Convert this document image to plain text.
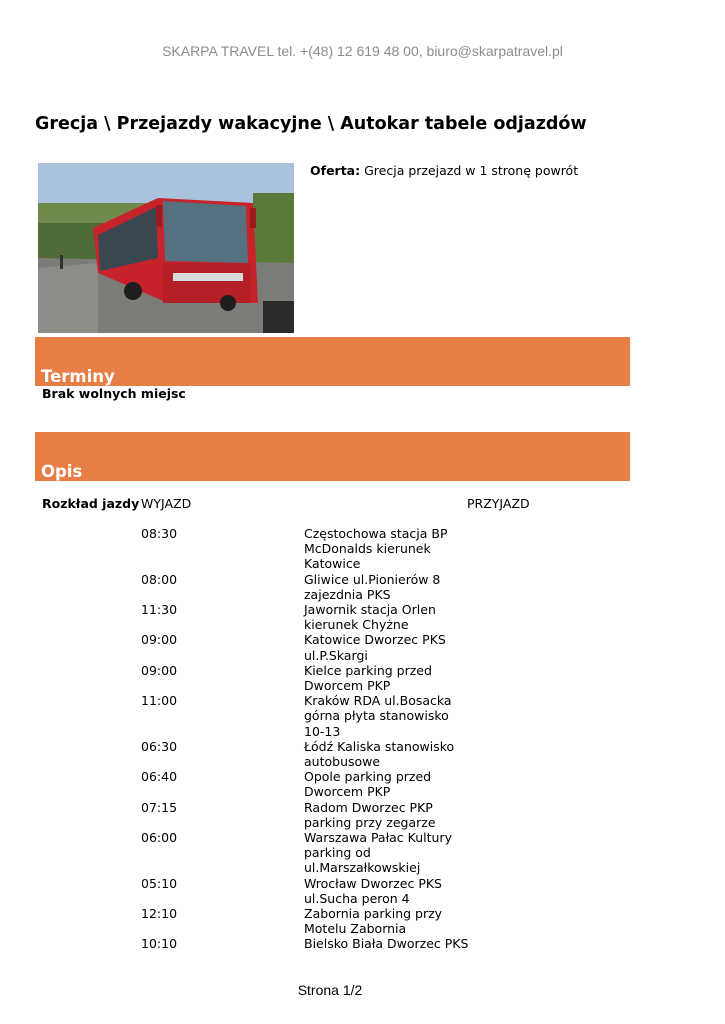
SKARPA TRAVEL tel. +(48) 12 619 48 00, biuro@skarpatravel.pl
Grecja \ Przejazdy wakacyjne \ Autokar tabele odjazdów
Oferta: Grecja przejazd w 1 stronę powrót
Terminy
Brak wolnych miejsc
Opis
Rozkład jazdy WYJAZD	PRZYJAZD
08:30	Częstochowa stacja BP McDonalds kierunek Katowice
08:00	Gliwice ul.Pionierów 8 zajezdnia PKS
11:30	Jawornik stacja Orlen kierunek Chyżne
09:00	Katowice Dworzec PKS ul.P.Skargi
09:00	Kielce parking przed Dworcem PKP
11:00	Kraków RDA ul.Bosacka górna płyta stanowisko 10-13
06:30	Łódź Kaliska stanowisko autobusowe
06:40	Opole parking przed Dworcem PKP
07:15	Radom Dworzec PKP parking przy zegarze
06:00	Warszawa Pałac Kultury parking od ul.Marszałkowskiej
05:10	Wrocław Dworzec PKS ul.Sucha peron 4
12:10	Zabornia parking przy Motelu Zabornia
10:10	Bielsko Biała Dworzec PKS
Strona 1/2
